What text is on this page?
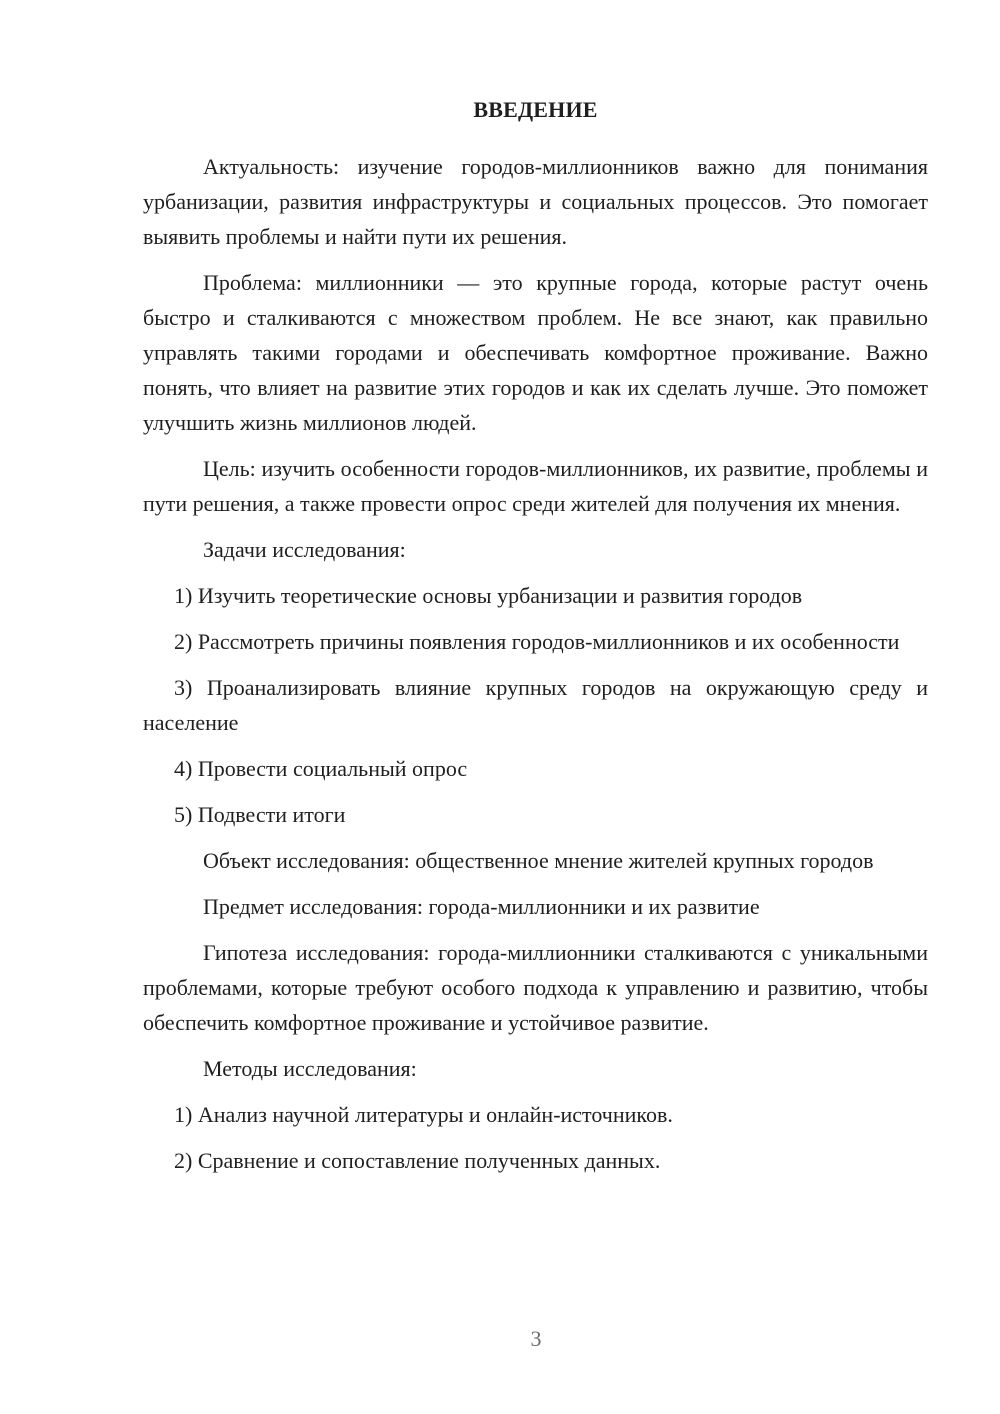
ВВЕДЕНИЕ

Актуальность: изучение городов-миллионников важно для понимания урбанизации, развития инфраструктуры и социальных процессов. Это помогает выявить проблемы и найти пути их решения.

Проблема: миллионники — это крупные города, которые растут очень быстро и сталкиваются с множеством проблем. Не все знают, как правильно управлять такими городами и обеспечивать комфортное проживание. Важно понять, что влияет на развитие этих городов и как их сделать лучше. Это поможет улучшить жизнь миллионов людей.

Цель: изучить особенности городов-миллионников, их развитие, проблемы и пути решения, а также провести опрос среди жителей для получения их мнения.

Задачи исследования:

1) Изучить теоретические основы урбанизации и развития городов

2) Рассмотреть причины появления городов-миллионников и их особенности

3) Проанализировать влияние крупных городов на окружающую среду и население

4) Провести социальный опрос

5) Подвести итоги

Объект исследования: общественное мнение жителей крупных городов

Предмет исследования: города-миллионники и их развитие

Гипотеза исследования: города-миллионники сталкиваются с уникальными проблемами, которые требуют особого подхода к управлению и развитию, чтобы обеспечить комфортное проживание и устойчивое развитие.

Методы исследования:

1) Анализ научной литературы и онлайн-источников.

2) Сравнение и сопоставление полученных данных.

3
